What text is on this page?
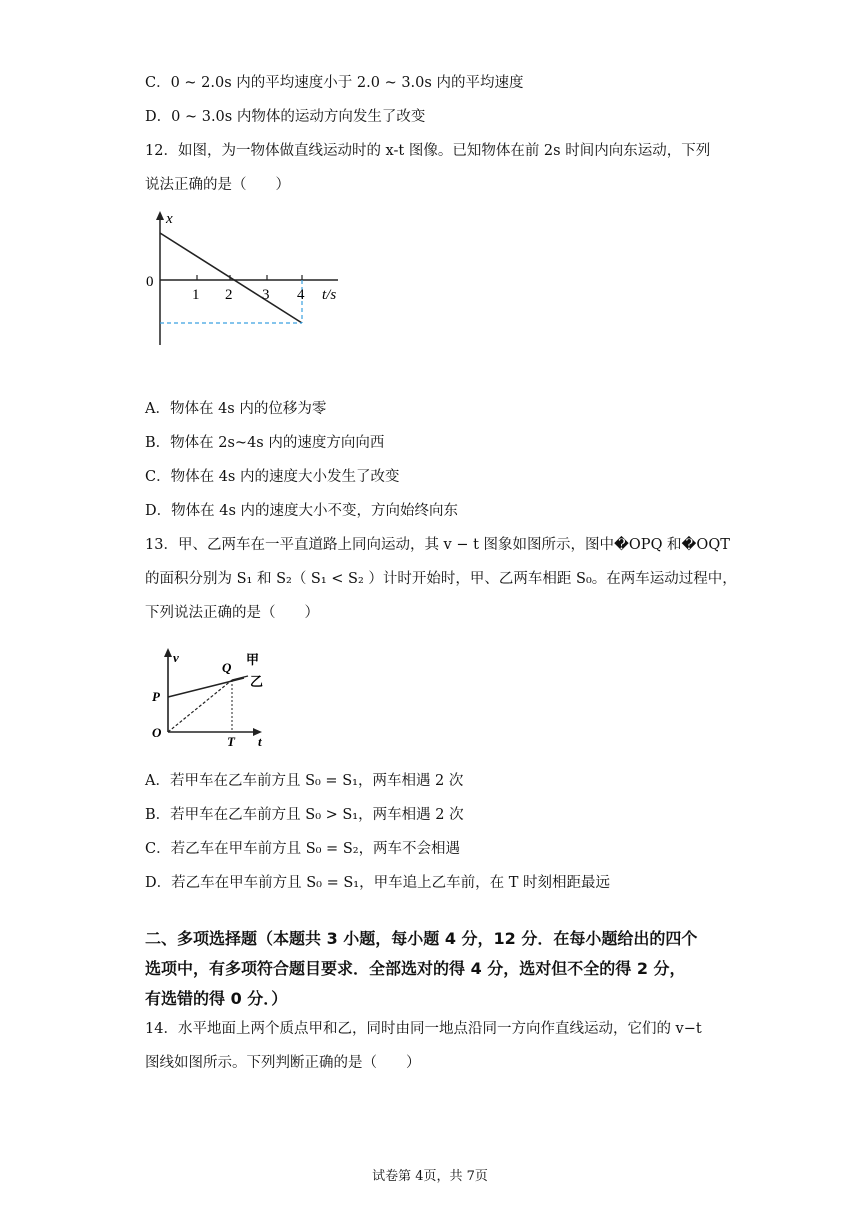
C．0 ~ 2.0s 内的平均速度小于 2.0 ~ 3.0s 内的平均速度
D．0 ~ 3.0s 内物体的运动方向发生了改变
12．如图，为一物体做直线运动时的 x-t 图像。已知物体在前 2s 时间内向东运动，下列
说法正确的是（　　）
x
0
1 2 3 4 t/s
A．物体在 4s 内的位移为零
B．物体在 2s~4s 内的速度方向向西
C．物体在 4s 内的速度大小发生了改变
D．物体在 4s 内的速度大小不变，方向始终向东
13．甲、乙两车在一平直道路上同向运动，其 v − t 图象如图所示，图中�OPQ 和�OQT
的面积分别为 S₁ 和 S₂（ S₁ < S₂ ）计时开始时，甲、乙两车相距 S₀。在两车运动过程中，
下列说法正确的是（　　）
v
O
P
Q
T t
甲
乙
A．若甲车在乙车前方且 S₀ = S₁，两车相遇 2 次
B．若甲车在乙车前方且 S₀ > S₁，两车相遇 2 次
C．若乙车在甲车前方且 S₀ = S₂，两车不会相遇
D．若乙车在甲车前方且 S₀ = S₁，甲车追上乙车前，在 T 时刻相距最远
二、多项选择题（本题共 3 小题，每小题 4 分，12 分．在每小题给出的四个
选项中，有多项符合题目要求．全部选对的得 4 分，选对但不全的得 2 分，
有选错的得 0 分．）
14．水平地面上两个质点甲和乙，同时由同一地点沿同一方向作直线运动，它们的 v−t
图线如图所示。下列判断正确的是（　　）
试卷第 4页，共 7页
